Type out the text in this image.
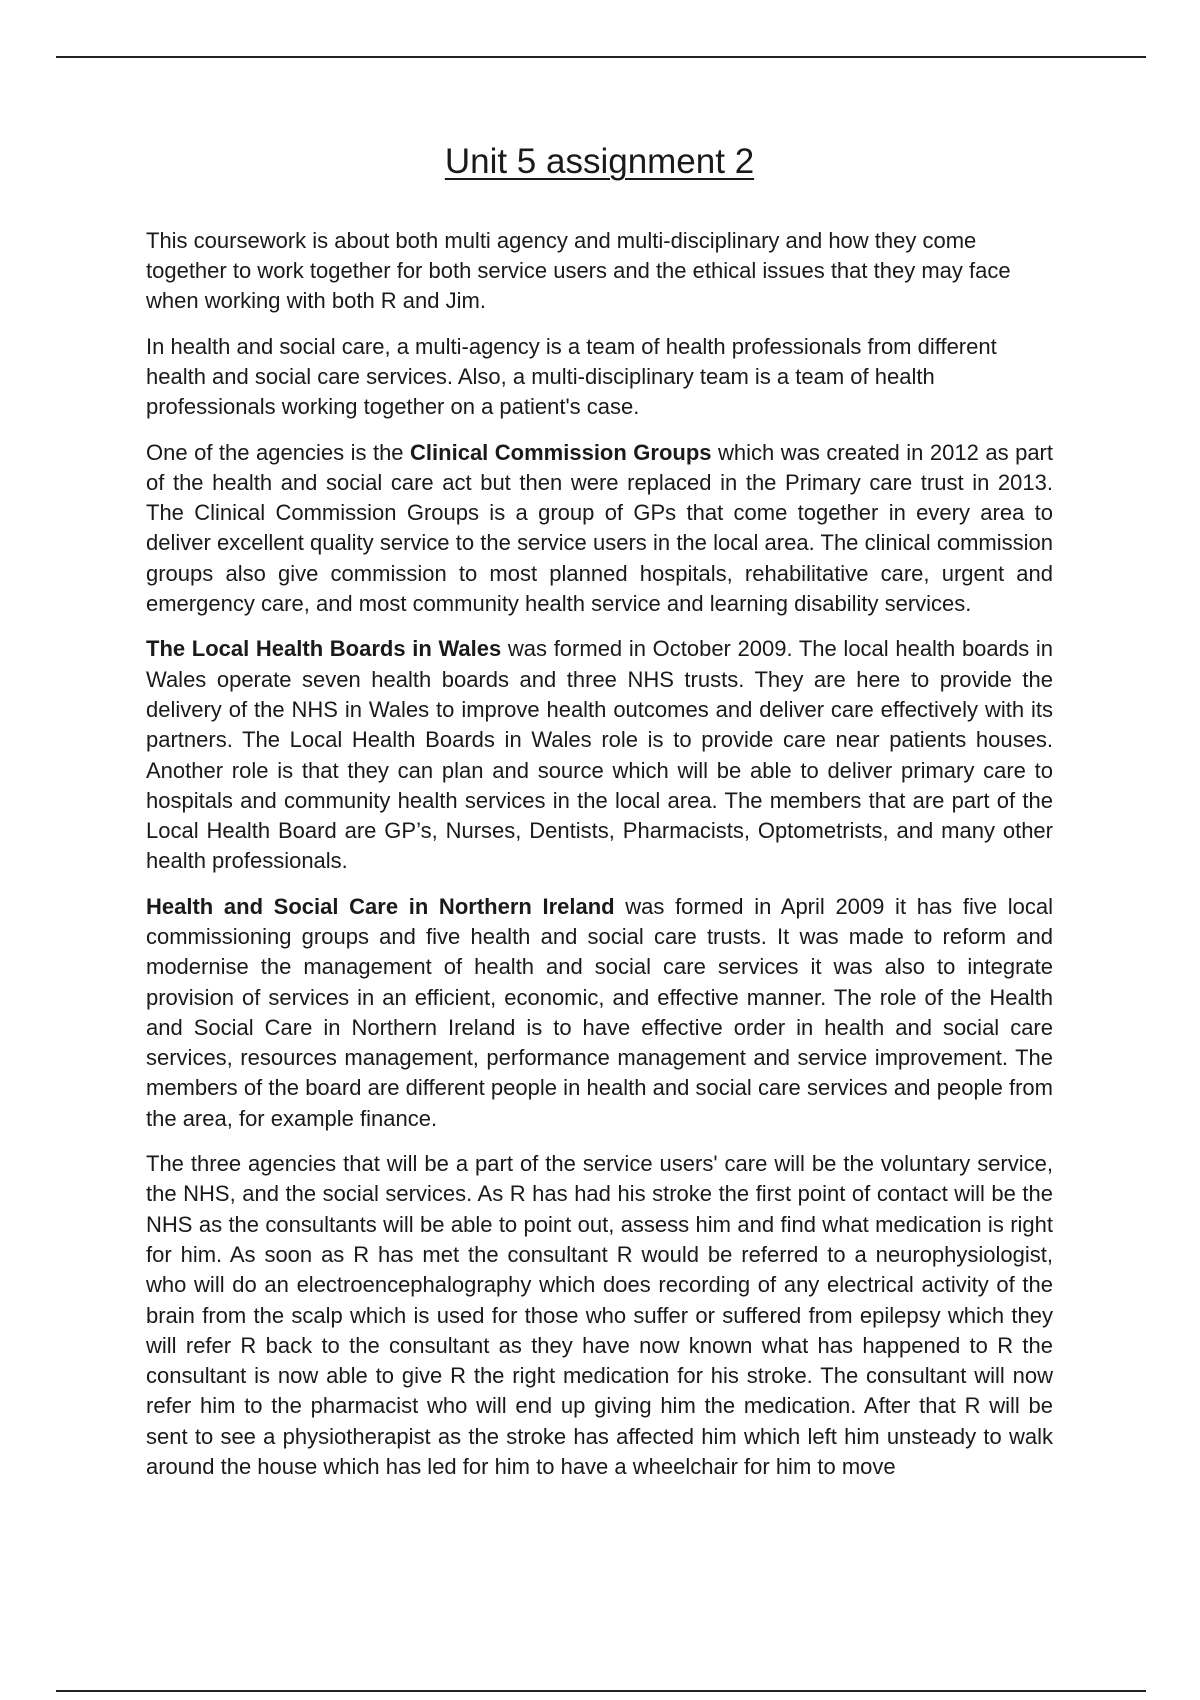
Unit 5 assignment 2

This coursework is about both multi agency and multi-disciplinary and how they come together to work together for both service users and the ethical issues that they may face when working with both R and Jim.

In health and social care, a multi-agency is a team of health professionals from different health and social care services. Also, a multi-disciplinary team is a team of health professionals working together on a patient's case.

One of the agencies is the Clinical Commission Groups which was created in 2012 as part of the health and social care act but then were replaced in the Primary care trust in 2013. The Clinical Commission Groups is a group of GPs that come together in every area to deliver excellent quality service to the service users in the local area. The clinical commission groups also give commission to most planned hospitals, rehabilitative care, urgent and emergency care, and most community health service and learning disability services.

The Local Health Boards in Wales was formed in October 2009. The local health boards in Wales operate seven health boards and three NHS trusts. They are here to provide the delivery of the NHS in Wales to improve health outcomes and deliver care effectively with its partners. The Local Health Boards in Wales role is to provide care near patients houses. Another role is that they can plan and source which will be able to deliver primary care to hospitals and community health services in the local area. The members that are part of the Local Health Board are GP’s, Nurses, Dentists, Pharmacists, Optometrists, and many other health professionals.

Health and Social Care in Northern Ireland was formed in April 2009 it has five local commissioning groups and five health and social care trusts. It was made to reform and modernise the management of health and social care services it was also to integrate provision of services in an efficient, economic, and effective manner. The role of the Health and Social Care in Northern Ireland is to have effective order in health and social care services, resources management, performance management and service improvement. The members of the board are different people in health and social care services and people from the area, for example finance.

The three agencies that will be a part of the service users' care will be the voluntary service, the NHS, and the social services. As R has had his stroke the first point of contact will be the NHS as the consultants will be able to point out, assess him and find what medication is right for him. As soon as R has met the consultant R would be referred to a neurophysiologist, who will do an electroencephalography which does recording of any electrical activity of the brain from the scalp which is used for those who suffer or suffered from epilepsy which they will refer R back to the consultant as they have now known what has happened to R the consultant is now able to give R the right medication for his stroke. The consultant will now refer him to the pharmacist who will end up giving him the medication. After that R will be sent to see a physiotherapist as the stroke has affected him which left him unsteady to walk around the house which has led for him to have a wheelchair for him to move
